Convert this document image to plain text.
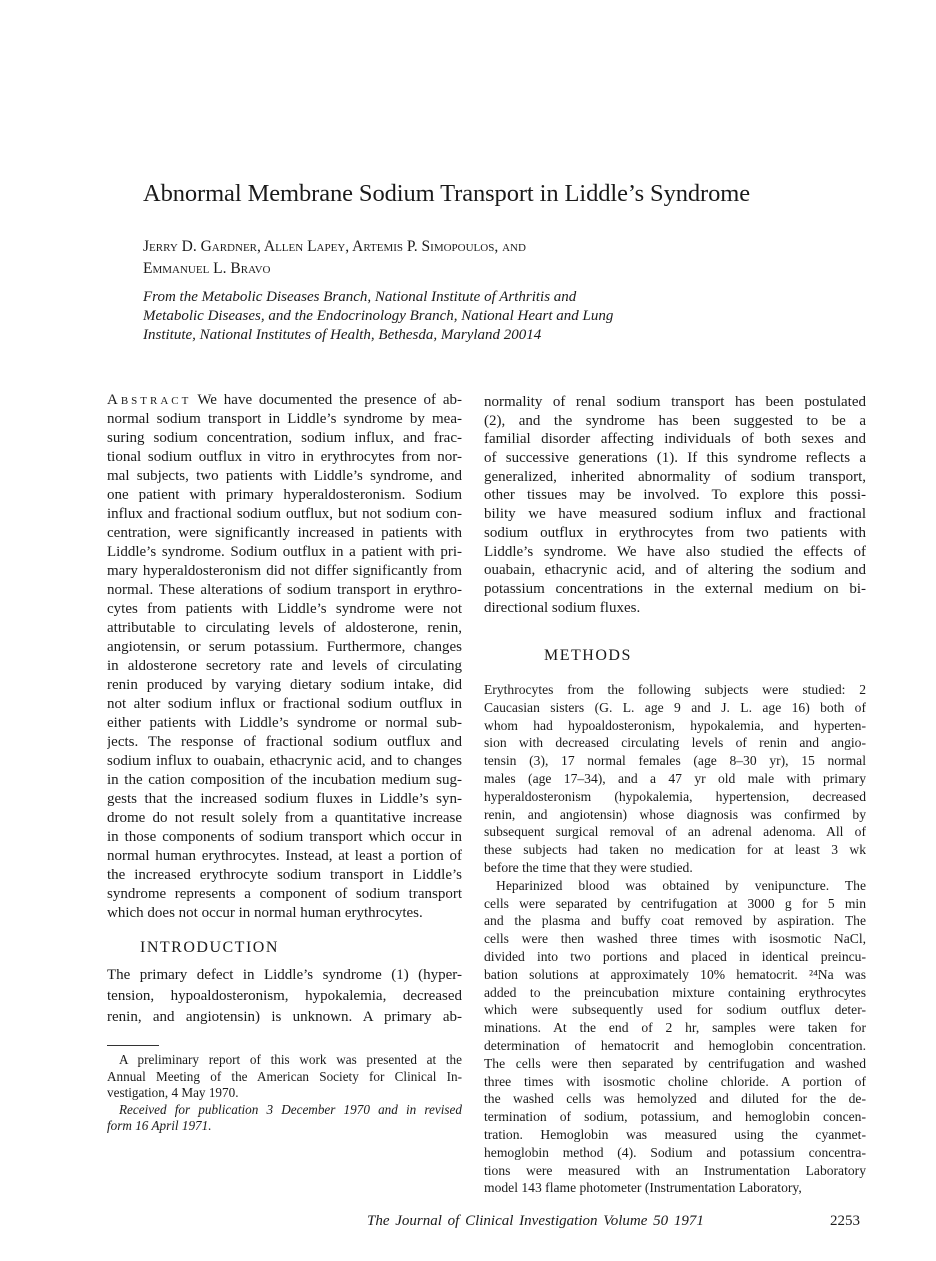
Abnormal Membrane Sodium Transport in Liddle’s Syndrome
Jerry D. Gardner, Allen Lapey, Artemis P. Simopoulos, and
Emmanuel L. Bravo
From the Metabolic Diseases Branch, National Institute of Arthritis and
Metabolic Diseases, and the Endocrinology Branch, National Heart and Lung
Institute, National Institutes of Health, Bethesda, Maryland 20014
Abstract We have documented the presence of ab-
normal sodium transport in Liddle’s syndrome by mea-
suring sodium concentration, sodium influx, and frac-
tional sodium outflux in vitro in erythrocytes from nor-
mal subjects, two patients with Liddle’s syndrome, and
one patient with primary hyperaldosteronism. Sodium
influx and fractional sodium outflux, but not sodium con-
centration, were significantly increased in patients with
Liddle’s syndrome. Sodium outflux in a patient with pri-
mary hyperaldosteronism did not differ significantly from
normal. These alterations of sodium transport in erythro-
cytes from patients with Liddle’s syndrome were not
attributable to circulating levels of aldosterone, renin,
angiotensin, or serum potassium. Furthermore, changes
in aldosterone secretory rate and levels of circulating
renin produced by varying dietary sodium intake, did
not alter sodium influx or fractional sodium outflux in
either patients with Liddle’s syndrome or normal sub-
jects. The response of fractional sodium outflux and
sodium influx to ouabain, ethacrynic acid, and to changes
in the cation composition of the incubation medium sug-
gests that the increased sodium fluxes in Liddle’s syn-
drome do not result solely from a quantitative increase
in those components of sodium transport which occur in
normal human erythrocytes. Instead, at least a portion of
the increased erythrocyte sodium transport in Liddle’s
syndrome represents a component of sodium transport
which does not occur in normal human erythrocytes.
INTRODUCTION
The primary defect in Liddle’s syndrome (1) (hyper-
tension, hypoaldosteronism, hypokalemia, decreased
renin, and angiotensin) is unknown. A primary ab-
A preliminary report of this work was presented at the
Annual Meeting of the American Society for Clinical In-
vestigation, 4 May 1970.
Received for publication 3 December 1970 and in revised
form 16 April 1971.
normality of renal sodium transport has been postulated
(2), and the syndrome has been suggested to be a
familial disorder affecting individuals of both sexes and
of successive generations (1). If this syndrome reflects a
generalized, inherited abnormality of sodium transport,
other tissues may be involved. To explore this possi-
bility we have measured sodium influx and fractional
sodium outflux in erythrocytes from two patients with
Liddle’s syndrome. We have also studied the effects of
ouabain, ethacrynic acid, and of altering the sodium and
potassium concentrations in the external medium on bi-
directional sodium fluxes.
METHODS
Erythrocytes from the following subjects were studied: 2
Caucasian sisters (G. L. age 9 and J. L. age 16) both of
whom had hypoaldosteronism, hypokalemia, and hyperten-
sion with decreased circulating levels of renin and angio-
tensin (3), 17 normal females (age 8–30 yr), 15 normal
males (age 17–34), and a 47 yr old male with primary
hyperaldosteronism (hypokalemia, hypertension, decreased
renin, and angiotensin) whose diagnosis was confirmed by
subsequent surgical removal of an adrenal adenoma. All of
these subjects had taken no medication for at least 3 wk
before the time that they were studied.
Heparinized blood was obtained by venipuncture. The
cells were separated by centrifugation at 3000 g for 5 min
and the plasma and buffy coat removed by aspiration. The
cells were then washed three times with isosmotic NaCl,
divided into two portions and placed in identical preincu-
bation solutions at approximately 10% hematocrit. ²⁴Na was
added to the preincubation mixture containing erythrocytes
which were subsequently used for sodium outflux deter-
minations. At the end of 2 hr, samples were taken for
determination of hematocrit and hemoglobin concentration.
The cells were then separated by centrifugation and washed
three times with isosmotic choline chloride. A portion of
the washed cells was hemolyzed and diluted for the de-
termination of sodium, potassium, and hemoglobin concen-
tration. Hemoglobin was measured using the cyanmet-
hemoglobin method (4). Sodium and potassium concentra-
tions were measured with an Instrumentation Laboratory
model 143 flame photometer (Instrumentation Laboratory,
The Journal of Clinical Investigation Volume 50 1971	2253
